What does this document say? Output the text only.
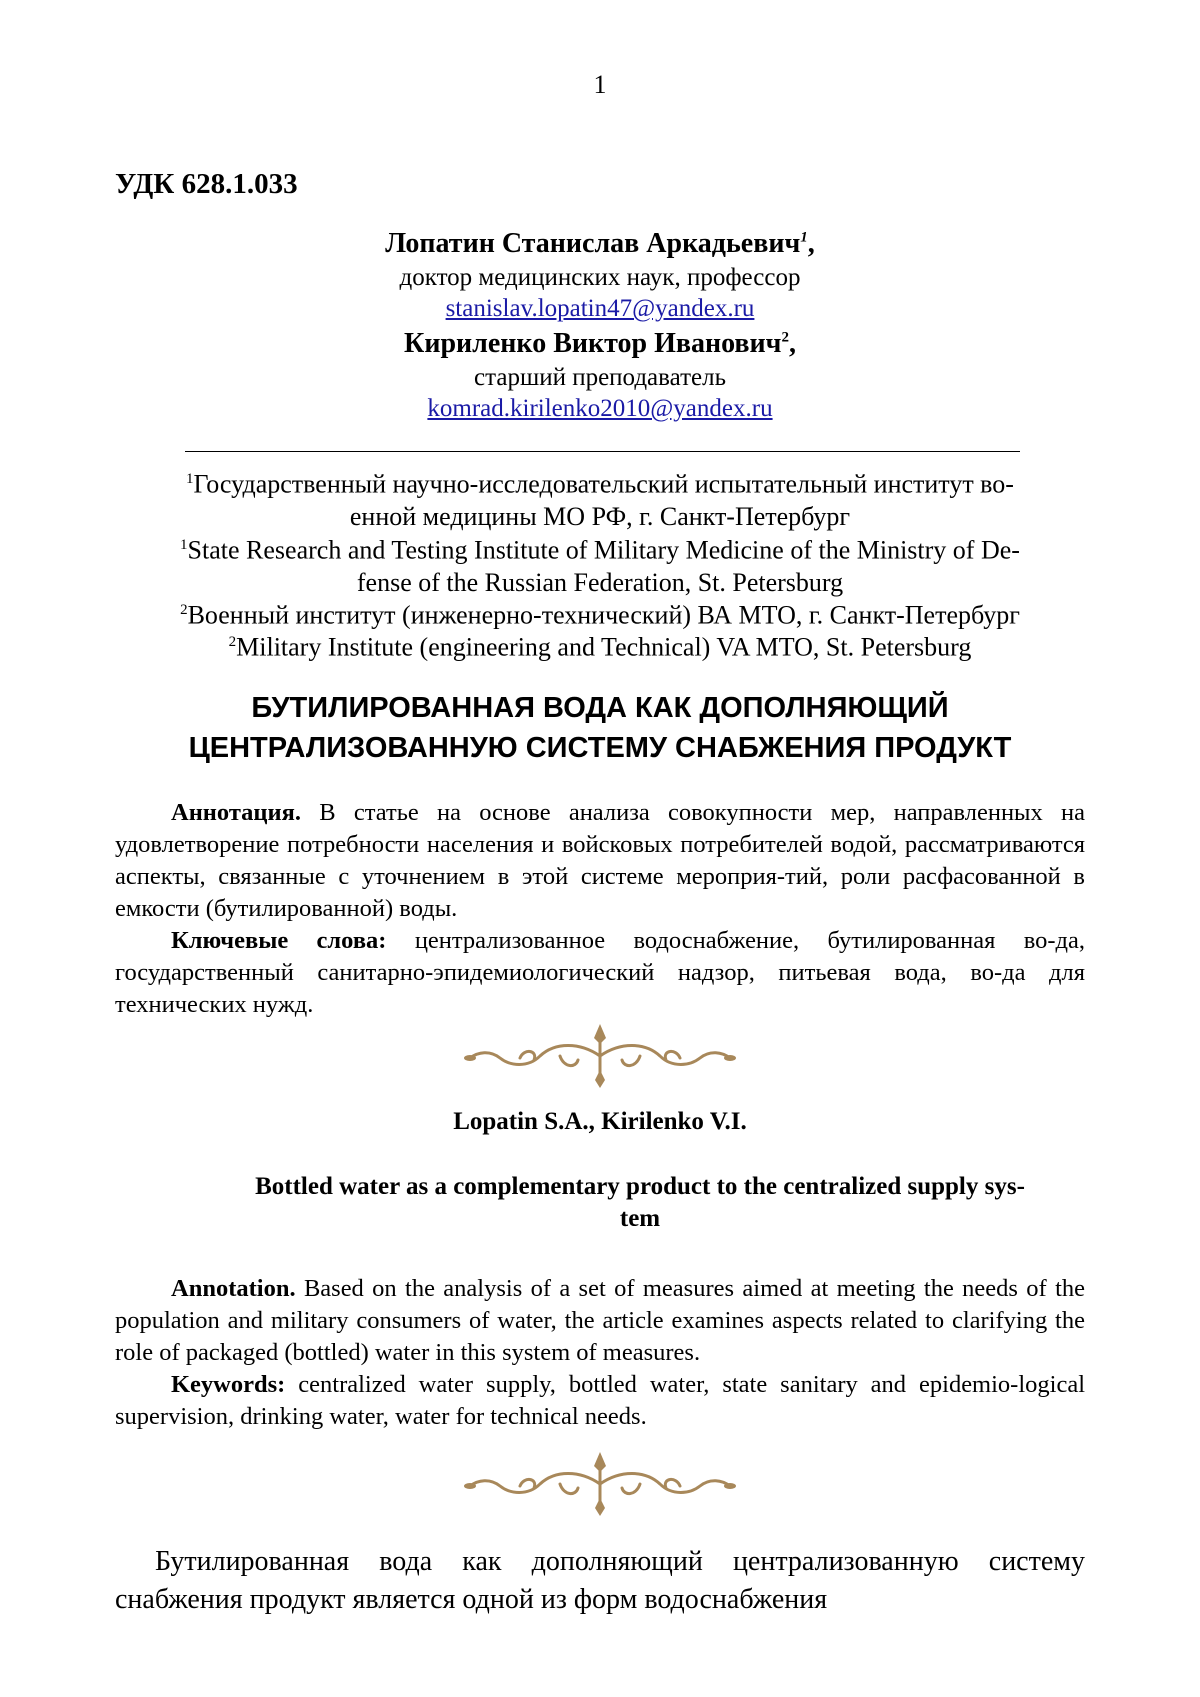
1
УДК 628.1.033
Лопатин Станислав Аркадьевич$^1$,
доктор медицинских наук, профессор
stanislav.lopatin47@yandex.ru
Кириленко Виктор Иванович$^2$,
старший преподаватель
komrad.kirilenko2010@yandex.ru
$^1$Государственный научно-исследовательский испытательный институт во-
енной медицины МО РФ, г. Санкт-Петербург
$^1$State Research and Testing Institute of Military Medicine of the Ministry of De-
fense of the Russian Federation, St. Petersburg
$^2$Военный институт (инженерно-технический) ВА МТО, г. Санкт-Петербург
$^2$Military Institute (engineering and Technical) VA MTO, St. Petersburg
БУТИЛИРОВАННАЯ ВОДА КАК ДОПОЛНЯЮЩИЙ
ЦЕНТРАЛИЗОВАННУЮ СИСТЕМУ СНАБЖЕНИЯ ПРОДУКТ
Аннотация. В статье на основе анализа совокупности мер, направленных на удовлетворение потребности населения и войсковых потребителей водой, рассматриваются аспекты, связанные с уточнением в этой системе мероприя-тий, роли расфасованной в емкости (бутилированной) воды.
Ключевые слова: централизованное водоснабжение, бутилированная во-да, государственный санитарно-эпидемиологический надзор, питьевая вода, во-да для технических нужд.
Lopatin S.A., Kirilenko V.I.
Bottled water as a complementary product to the centralized supply sys-
tem
Annotation. Based on the analysis of a set of measures aimed at meeting the needs of the population and military consumers of water, the article examines aspects related to clarifying the role of packaged (bottled) water in this system of measures.
Keywords: centralized water supply, bottled water, state sanitary and epidemio-logical supervision, drinking water, water for technical needs.
Бутилированная вода как дополняющий централизованную систему снабжения продукт является одной из форм водоснабжения
